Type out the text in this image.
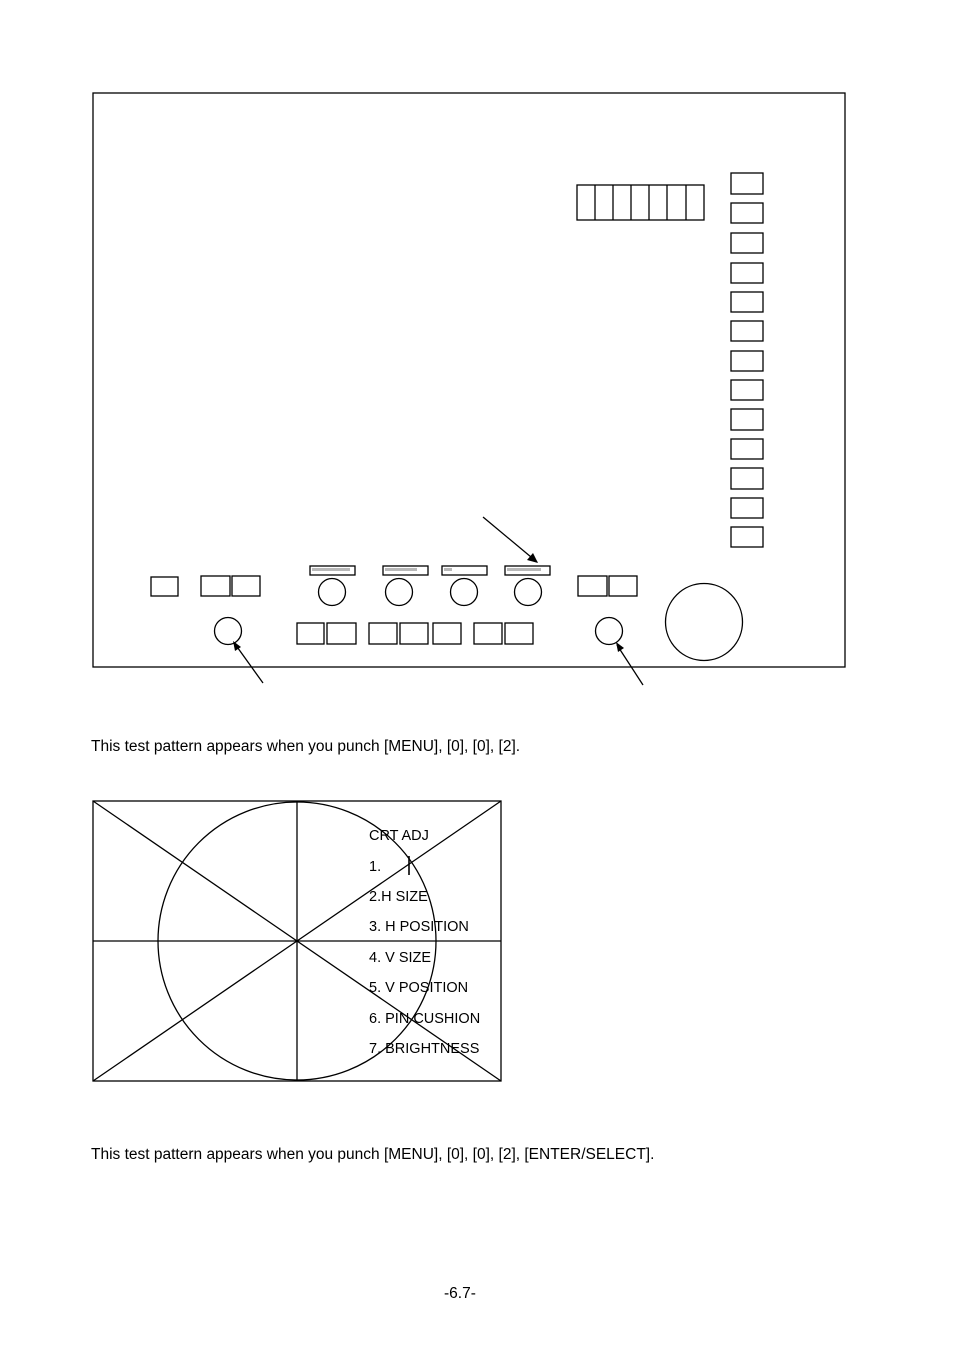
This test pattern appears when you punch [MENU], [0], [0], [2].
CRT ADJ
1.
2.H SIZE
3. H POSITION
4. V SIZE
5. V POSITION
6. PIN CUSHION
7. BRIGHTNESS
This test pattern appears when you punch [MENU], [0], [0], [2], [ENTER/SELECT].
-6.7-
